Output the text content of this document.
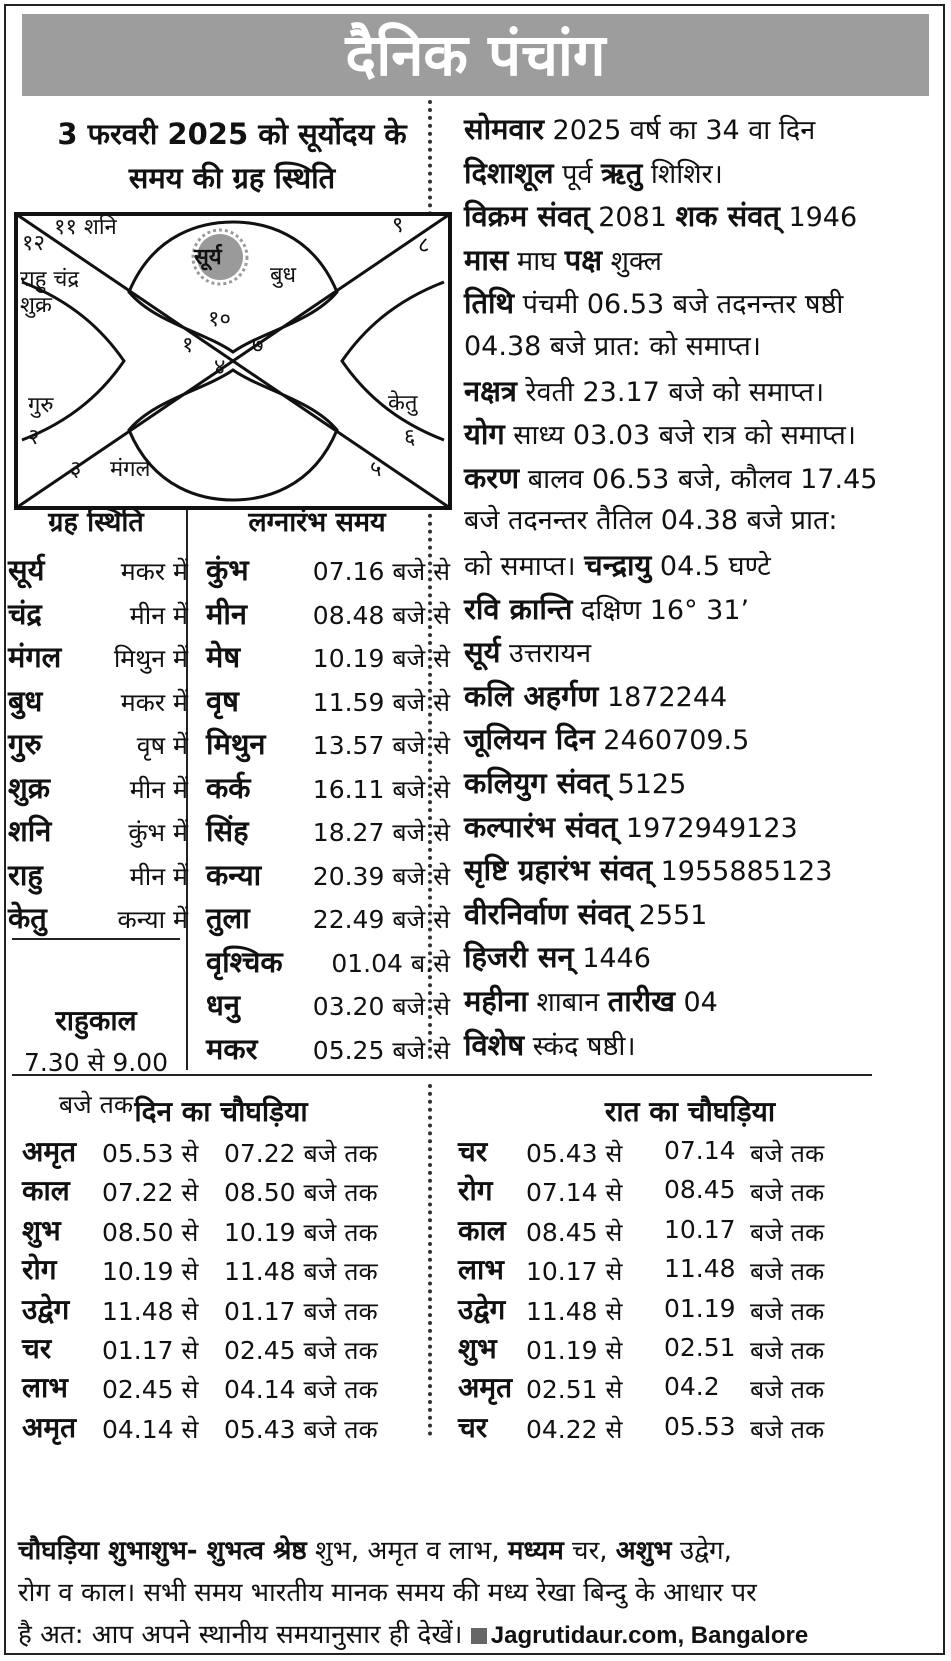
दैनिक पंचांग
3 फरवरी 2025 को सूर्योदय के
समय की ग्रह स्थिति
सूर्य
११ शनि
१२
९
८
राहु चंद्र
शुक्र
बुध
१०
१	७
४
गुरु
२
केतु
६
३ मंगल	५
ग्रह स्थिति
सूर्य	मकर में
चंद्र	मीन में
मंगल मिथुन में
बुध	मकर में
गुरु	वृष में
शुक्र	मीन में
शनि	कुंभ में
राहु	मीन में
केतु	कन्या में
राहुकाल
7.30 से 9.00
बजे तक
लग्नारंभ समय
कुंभ	07.16 बजे से
मीन	08.48 बजे से
मेष	10.19 बजे से
वृष	11.59 बजे से
मिथुन 13.57 बजे से
कर्क 16.11 बजे से
सिंह	18.27 बजे से
कन्या 20.39 बजे से
तुला	22.49 बजे से
वृश्चिक 01.04 ब.से
धनु	03.20 बजे से
मकर 05.25 बजे से
सोमवार 2025 वर्ष का 34 वा दिन
दिशाशूल पूर्व ऋतु शिशिर।
विक्रम संवत् 2081 शक संवत् 1946
मास माघ पक्ष शुक्ल
तिथि पंचमी 06.53 बजे तदनन्तर षष्ठी
04.38 बजे प्रात: को समाप्त।
नक्षत्र रेवती 23.17 बजे को समाप्त।
योग साध्य 03.03 बजे रात्र को समाप्त।
करण बालव 06.53 बजे, कौलव 17.45
बजे तदनन्तर तैतिल 04.38 बजे प्रात:
को समाप्त। चन्द्रायु 04.5 घण्टे
रवि क्रान्ति दक्षिण 16° 31’
सूर्य उत्तरायन
कलि अहर्गण 1872244
जूलियन दिन 2460709.5
कलियुग संवत् 5125
कल्पारंभ संवत् 1972949123
सृष्टि ग्रहारंभ संवत् 1955885123
वीरनिर्वाण संवत् 2551
हिजरी सन् 1446
महीना शाबान तारीख 04
विशेष स्कंद षष्ठी।
दिन का चौघड़िया	रात का चौघड़िया
अमृत 05.53 से 07.22 बजे तक
काल 07.22 से 08.50 बजे तक
शुभ 08.50 से 10.19 बजे तक
रोग 10.19 से 11.48 बजे तक
उद्वेग 11.48 से 01.17 बजे तक
चर 01.17 से 02.45 बजे तक
लाभ 02.45 से 04.14 बजे तक
अमृत 04.14 से 05.43 बजे तक
चर 05.43 से 07.14 बजे तक
रोग 07.14 से 08.45 बजे तक
काल 08.45 से 10.17 बजे तक
लाभ 10.17 से 11.48 बजे तक
उद्वेग 11.48 से 01.19 बजे तक
शुभ 01.19 से 02.51 बजे तक
अमृत 02.51 से 04.2 बजे तक
चर 04.22 से 05.53 बजे तक
चौघड़िया शुभाशुभ- शुभत्व श्रेष्ठ शुभ, अमृत व लाभ, मध्यम चर, अशुभ उद्वेग,
रोग व काल। सभी समय भारतीय मानक समय की मध्य रेखा बिन्दु के आधार पर
है अत: आप अपने स्थानीय समयानुसार ही देखें। Jagrutidaur.com, Bangalore
